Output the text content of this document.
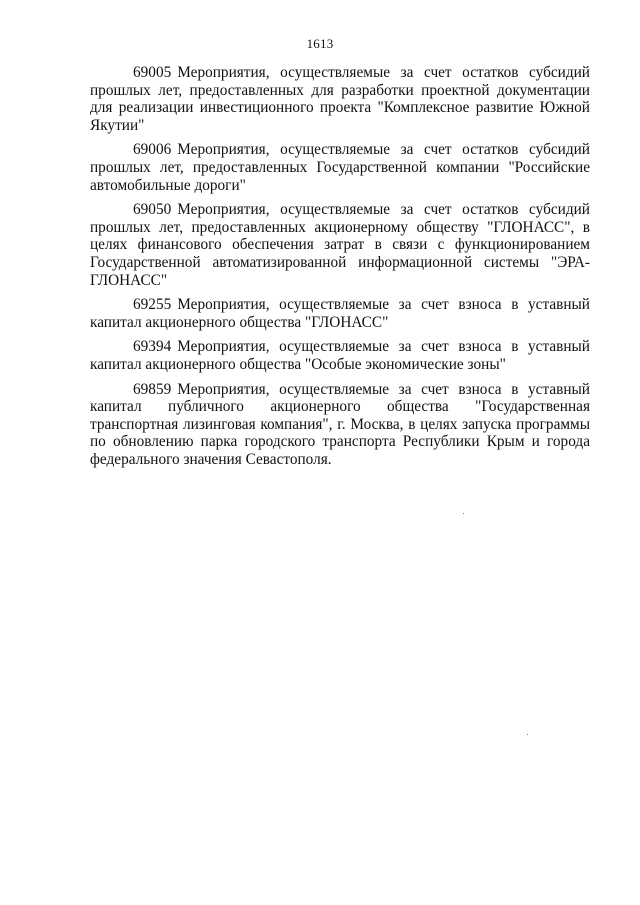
1613

69005 Мероприятия, осуществляемые за счет остатков субсидий прошлых лет, предоставленных для разработки проектной документации для реализации инвестиционного проекта "Комплексное развитие Южной Якутии"

69006 Мероприятия, осуществляемые за счет остатков субсидий прошлых лет, предоставленных Государственной компании "Российские автомобильные дороги"

69050 Мероприятия, осуществляемые за счет остатков субсидий прошлых лет, предоставленных акционерному обществу "ГЛОНАСС", в целях финансового обеспечения затрат в связи с функционированием Государственной автоматизированной информационной системы "ЭРА-ГЛОНАСС"

69255 Мероприятия, осуществляемые за счет взноса в уставный капитал акционерного общества "ГЛОНАСС"

69394 Мероприятия, осуществляемые за счет взноса в уставный капитал акционерного общества "Особые экономические зоны"

69859 Мероприятия, осуществляемые за счет взноса в уставный капитал публичного акционерного общества "Государственная транспортная лизинговая компания", г. Москва, в целях запуска программы по обновлению парка городского транспорта Республики Крым и города федерального значения Севастополя.
